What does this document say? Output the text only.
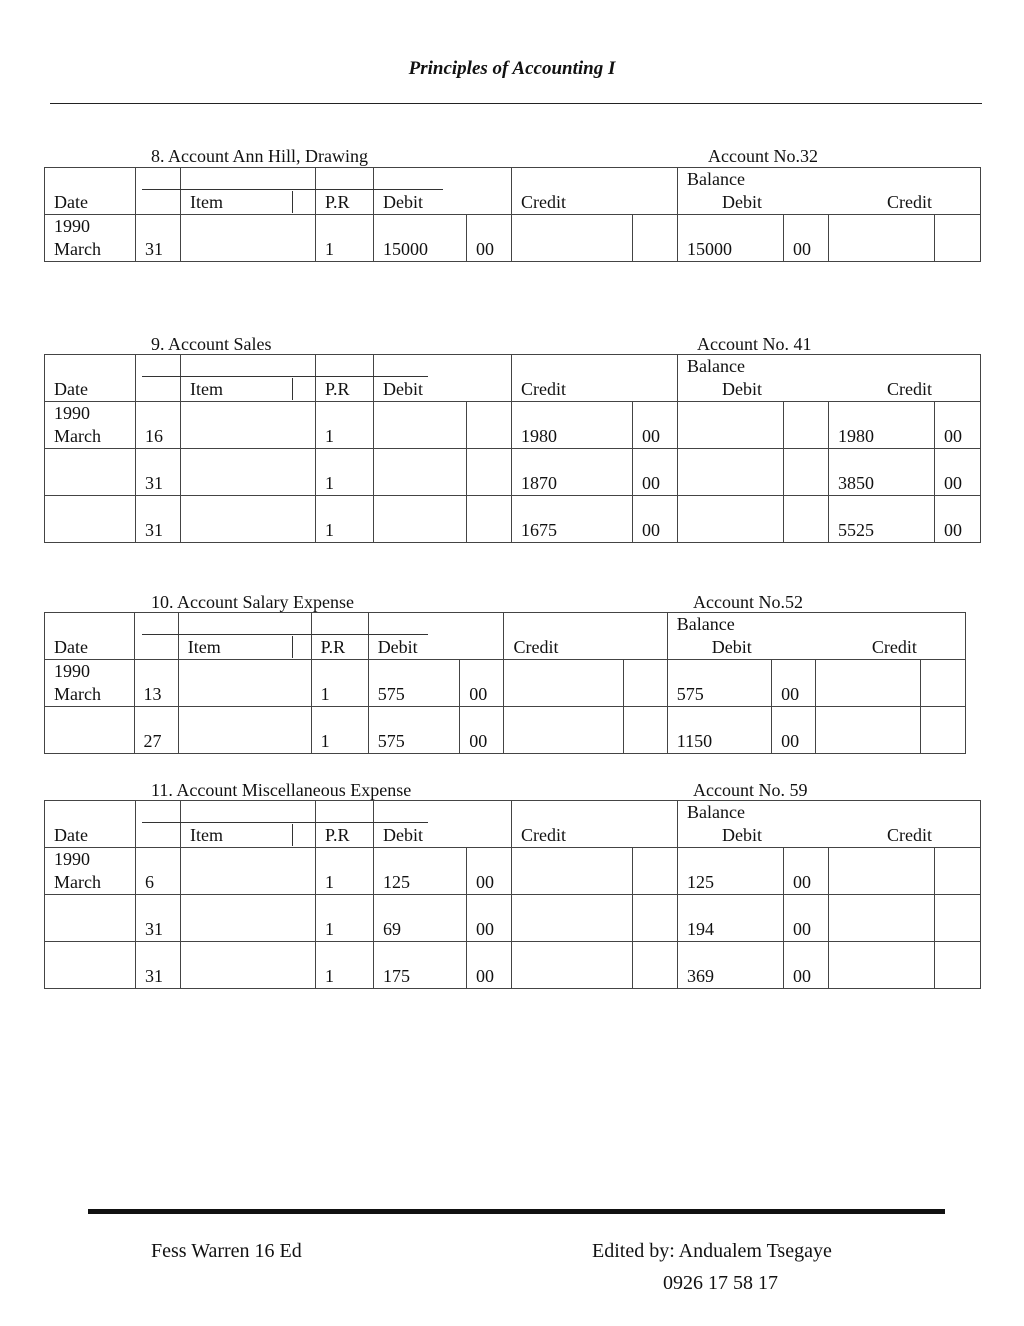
Principles of Accounting I
8. Account Ann Hill, Drawing	Account No.32
Date		Item	P.R	Debit		Credit		Balance
Debit Credit			

1990
March	31		1	15000	00			15000	00		
9. Account Sales	Account No. 41
Date		Item	P.R	Debit		Credit		Balance
Debit Credit			

1990
March	16		1			1980	00			1980	00

	31		1			1870	00			3850	00

	31		1			1675	00			5525	00
10. Account Salary Expense	Account No.52
Date		Item	P.R	Debit		Credit		Balance
Debit Credit			

1990
March	13		1	575	00			575	00		

	27		1	575	00			1150	00		
11. Account Miscellaneous Expense	Account No. 59
Date		Item	P.R	Debit		Credit		Balance
Debit Credit			

1990
March	6		1	125	00			125	00		

	31		1	69	00			194	00		

	31		1	175	00			369	00		
Fess Warren 16 Ed	Edited by: Andualem Tsegaye
0926 17 58 17
